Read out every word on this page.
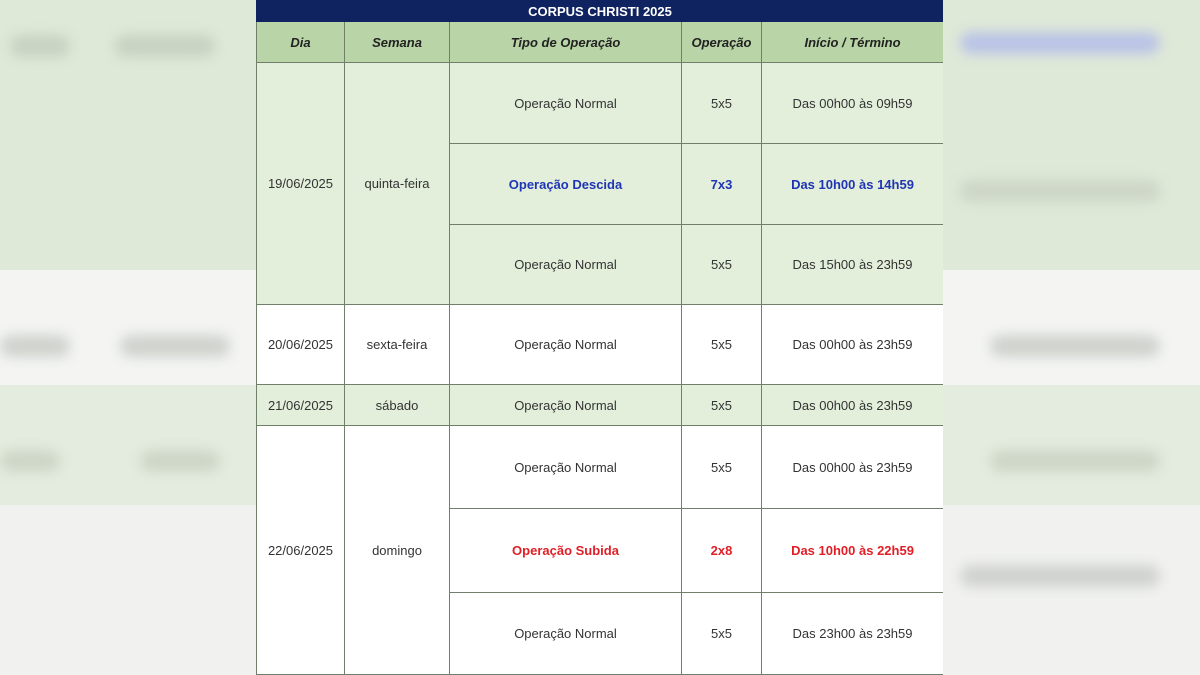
CORPUS CHRISTI 2025				
Dia	Semana	Tipo de Operação	Operação	Início / Término
19/06/2025	quinta-feira	Operação Normal	5x5	Das 00h00 às 09h59
		Operação Descida	7x3	Das 10h00 às 14h59
		Operação Normal	5x5	Das 15h00 às 23h59
20/06/2025	sexta-feira	Operação Normal	5x5	Das 00h00 às 23h59
21/06/2025	sábado	Operação Normal	5x5	Das 00h00 às 23h59
22/06/2025	domingo	Operação Normal	5x5	Das 00h00 às 23h59
		Operação Subida	2x8	Das 10h00 às 22h59
		Operação Normal	5x5	Das 23h00 às 23h59
